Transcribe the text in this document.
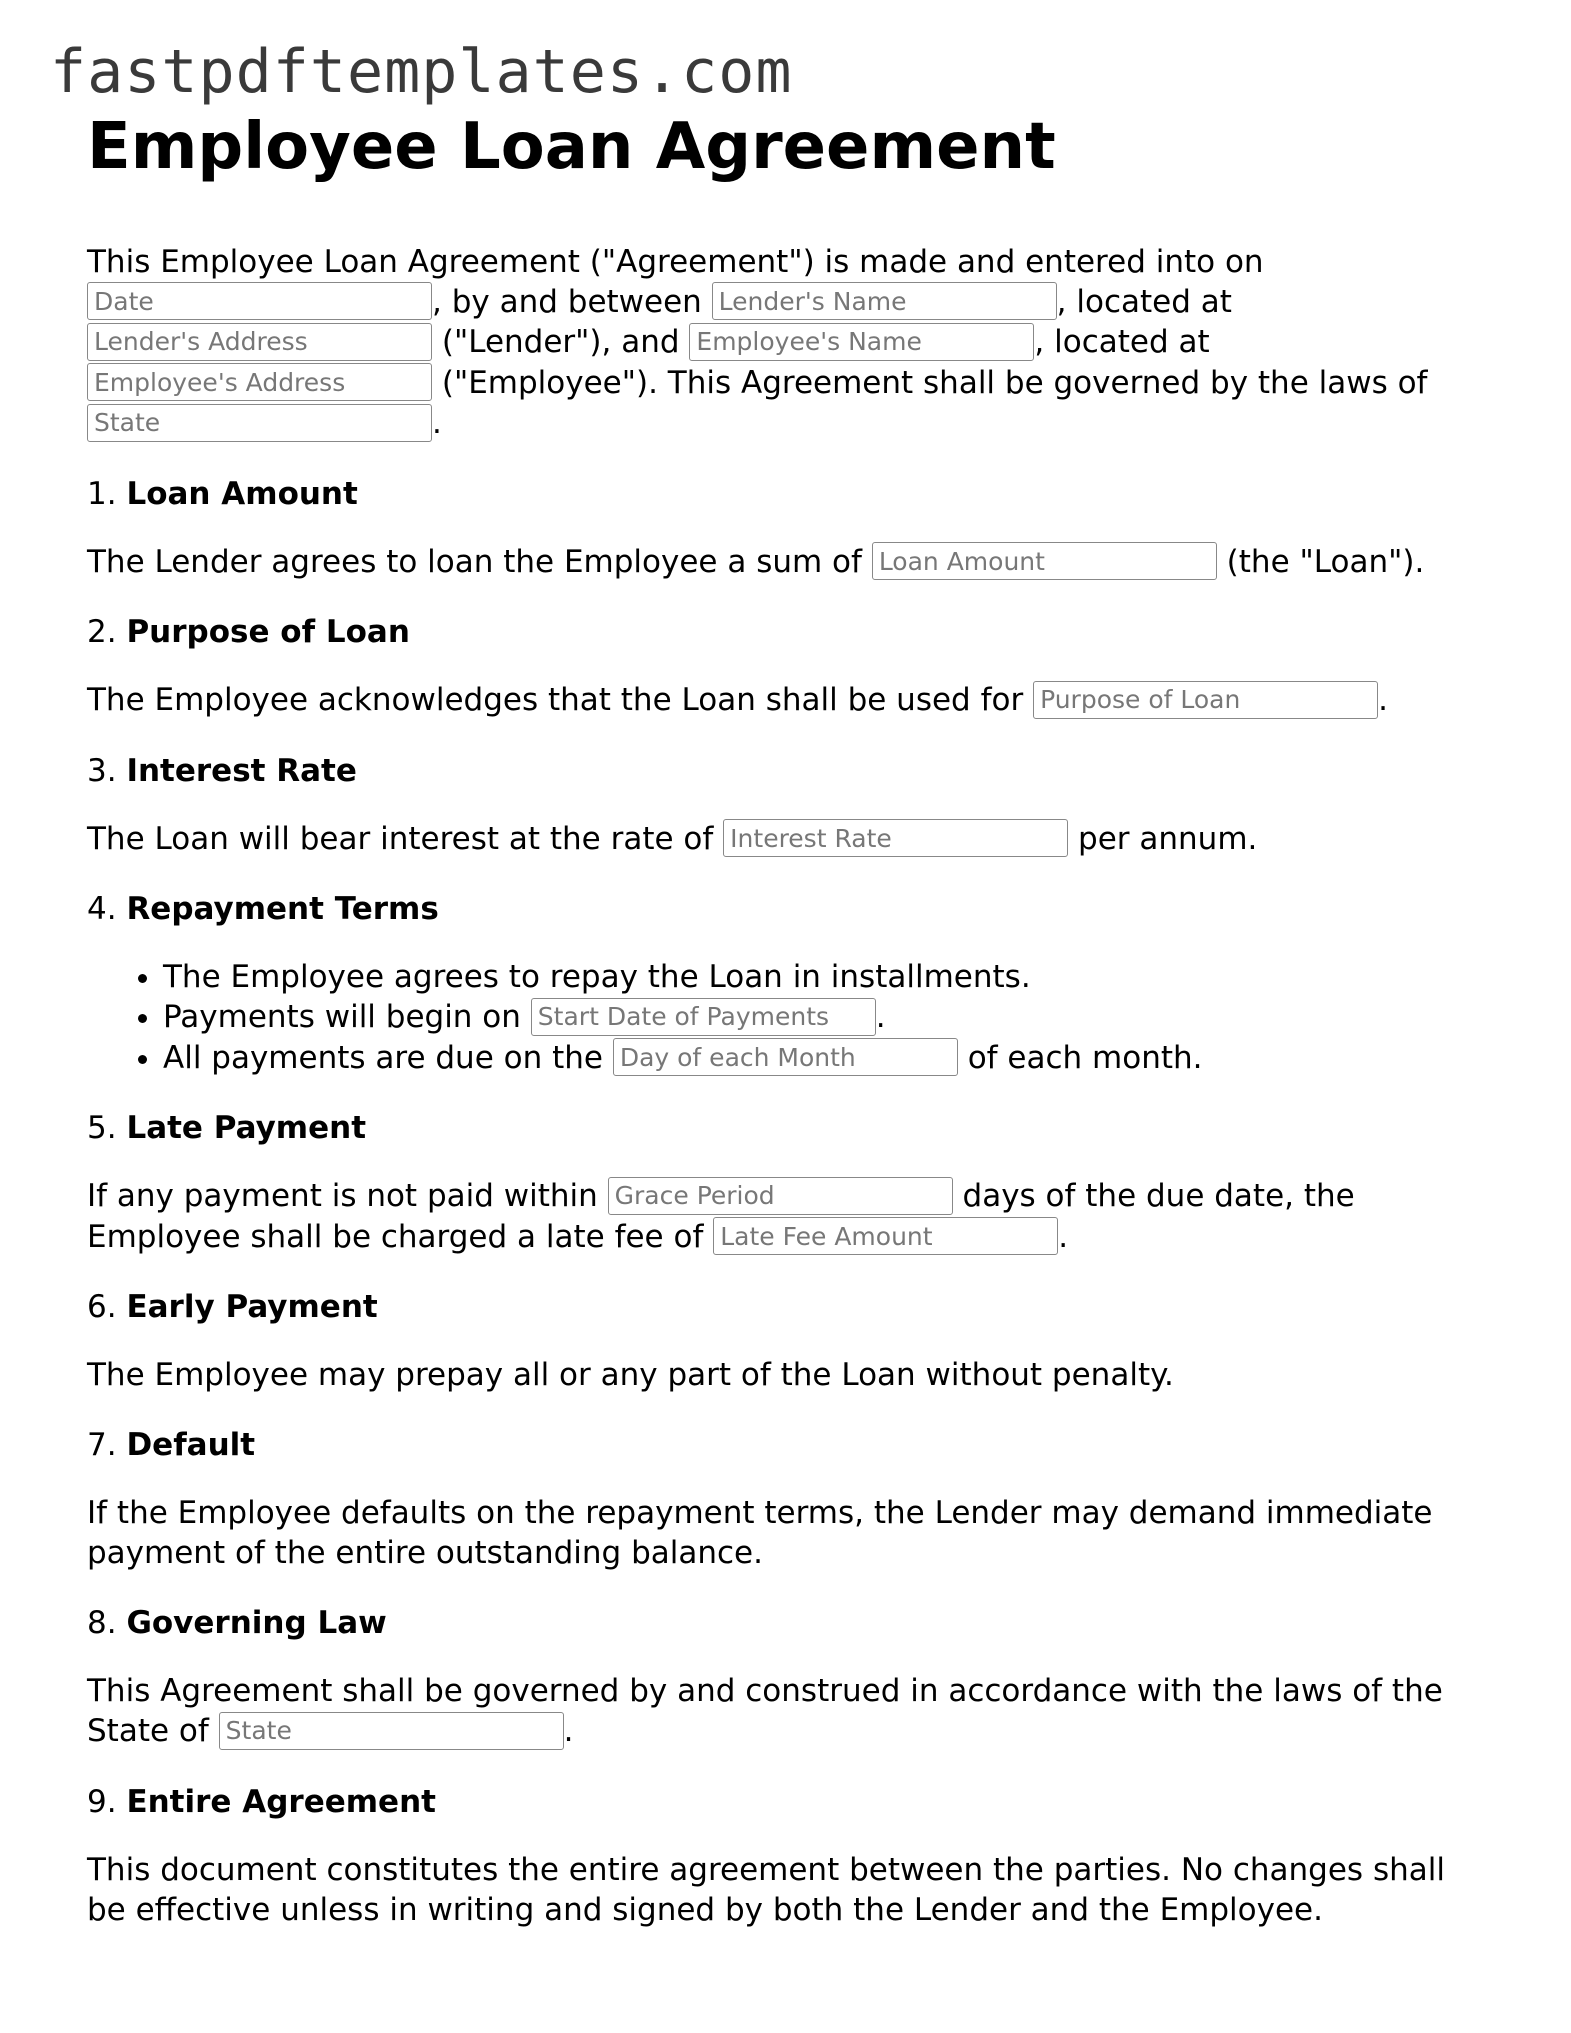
fastpdftemplates.com
Employee Loan Agreement

This Employee Loan Agreement ("Agreement") is made and entered into on
Date, by and between Lender's Name	, located at
Lender's Address ("Lender"), and Employee's Name	, located at
Employee's Address ("Employee"). This Agreement shall be governed by the laws of
State.

1. Loan Amount

The Lender agrees to loan the Employee a sum of Loan Amount	(the "Loan").

2. Purpose of Loan

The Employee acknowledges that the Loan shall be used for Purpose of Loan	.

3. Interest Rate

The Loan will bear interest at the rate of Interest Rate	per annum.

4. Repayment Terms
• The Employee agrees to repay the Loan in installments.
• Payments will begin on Start Date of Payments	.
• All payments are due on the Day of each Month	of each month.
5. Late Payment

If any payment is not paid within Grace Period	days of the due date, the Employee shall be charged a late fee of Late Fee Amount	.

6. Early Payment

The Employee may prepay all or any part of the Loan without penalty.

7. Default

If the Employee defaults on the repayment terms, the Lender may demand immediate payment of the entire outstanding balance.

8. Governing Law

This Agreement shall be governed by and construed in accordance with the laws of the State of State	.

9. Entire Agreement

This document constitutes the entire agreement between the parties. No changes shall be effective unless in writing and signed by both the Lender and the Employee.
